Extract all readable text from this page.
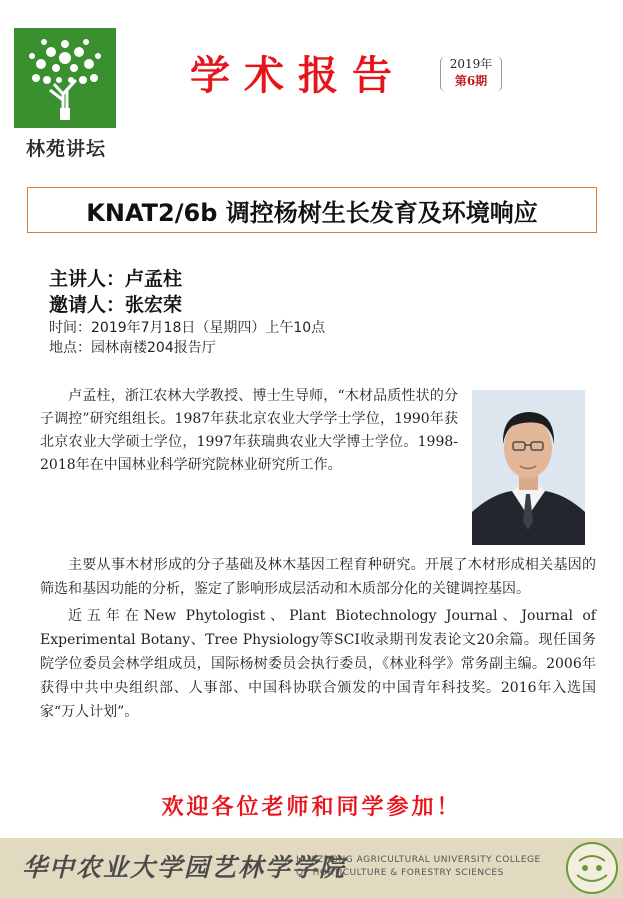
林苑讲坛
学术报告	2019年
第6期
KNAT2/6b 调控杨树生长发育及环境响应
主讲人：卢孟柱
邀请人：张宏荣
时间：2019年7月18日（星期四）上午10点
地点：园林南楼204报告厅
卢孟柱，浙江农林大学教授、博士生导师，“木材品质性状的分子调控”研究组组长。1987年获北京农业大学学士学位，1990年获北京农业大学硕士学位，1997年获瑞典农业大学博士学位。1998-2018年在中国林业科学研究院林业研究所工作。

主要从事木材形成的分子基础及林木基因工程育种研究。开展了木材形成相关基因的筛选和基因功能的分析，鉴定了影响形成层活动和木质部分化的关键调控基因。

近五年在New Phytologist、Plant Biotechnology Journal、Journal of Experimental Botany、Tree Physiology等SCI收录期刊发表论文20余篇。现任国务院学位委员会林学组成员，国际杨树委员会执行委员，《林业科学》常务副主编。2006年获得中共中央组织部、人事部、中国科协联合颁发的中国青年科技奖。2016年入选国家“万人计划”。

欢迎各位老师和同学参加！
华中农业大学园艺林学学院
HUAZHONG AGRICULTURAL UNIVERSITY COLLEGE
OF HORTICULTURE & FORESTRY SCIENCES
